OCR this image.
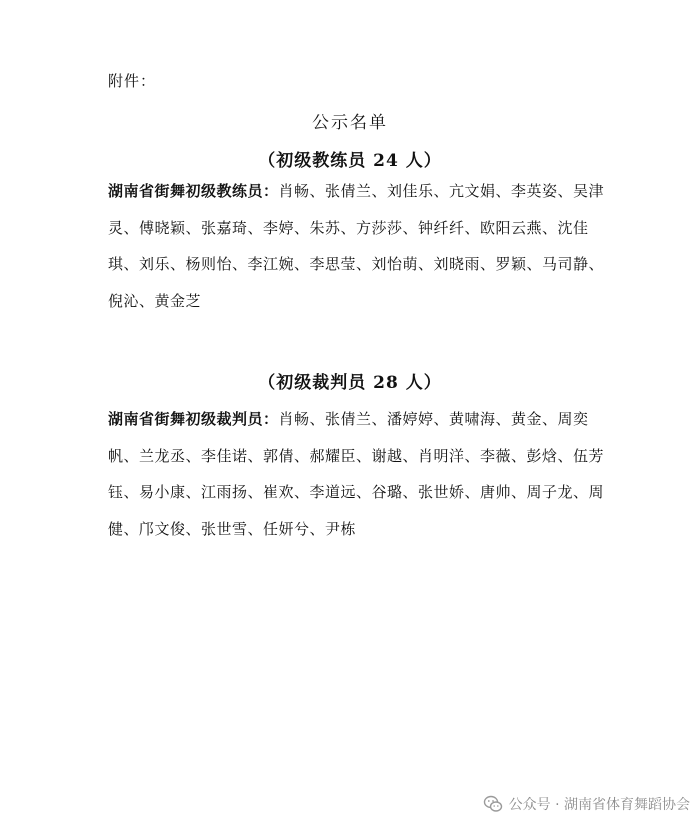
附件：
公示名单
（初级教练员 24 人）
湖南省街舞初级教练员：肖畅、张倩兰、刘佳乐、亢文娟、李英姿、吴津灵、傅晓颖、张嘉琦、李婷、朱苏、方莎莎、钟纤纤、欧阳云燕、沈佳琪、刘乐、杨则怡、李江婉、李思莹、刘怡萌、刘晓雨、罗颖、马司静、倪沁、黄金芝
（初级裁判员 28 人）
湖南省街舞初级裁判员：肖畅、张倩兰、潘婷婷、黄啸海、黄金、周奕帆、兰龙丞、李佳诺、郭倩、郝耀臣、谢越、肖明洋、李薇、彭焓、伍芳钰、易小康、江雨扬、崔欢、李道远、谷璐、张世娇、唐帅、周子龙、周健、邝文俊、张世雪、任妍兮、尹栋
公众号 · 湖南省体育舞蹈协会
